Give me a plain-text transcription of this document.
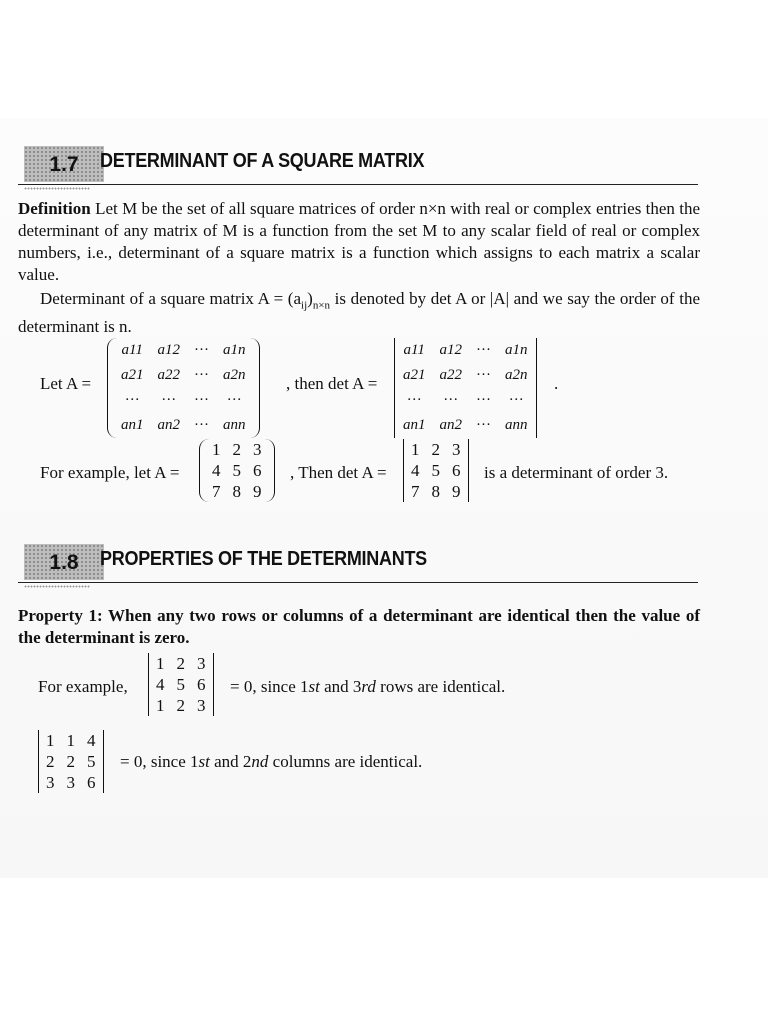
1.7	DETERMINANT OF A SQUARE MATRIX

Definition Let M be the set of all square matrices of order n×n with real or complex entries then the determinant of any matrix of M is a function from the set M to any scalar field of real or complex numbers, i.e., determinant of a square matrix is a function which assigns to each matrix a scalar value.

Determinant of a square matrix $A = (a_{ij})_{n\times n}$ is denoted by det A or |A| and we say the order of the determinant is n.

Let A =
a11	a12	···	a1n
a21	a22	···	a2n
···	···	···	···
an1	an2	···	ann
, then det A =
a11	a12	···	a1n
a21	a22	···	a2n
···	···	···	···
an1	an2	···	ann
.
For example, let A =
1	2	3
4	5	6
7	8	9
, Then det A =
1	2	3
4	5	6
7	8	9
is a determinant of order 3.
1.8	PROPERTIES OF THE DETERMINANTS

Property 1: When any two rows or columns of a determinant are identical then the value of the determinant is zero.

For example,
1	2	3
4	5	6
1	2	3
= 0, since 1st and 3rd rows are identical.
1	1	4
2	2	5
3	3	6
= 0, since 1st and 2nd columns are identical.
